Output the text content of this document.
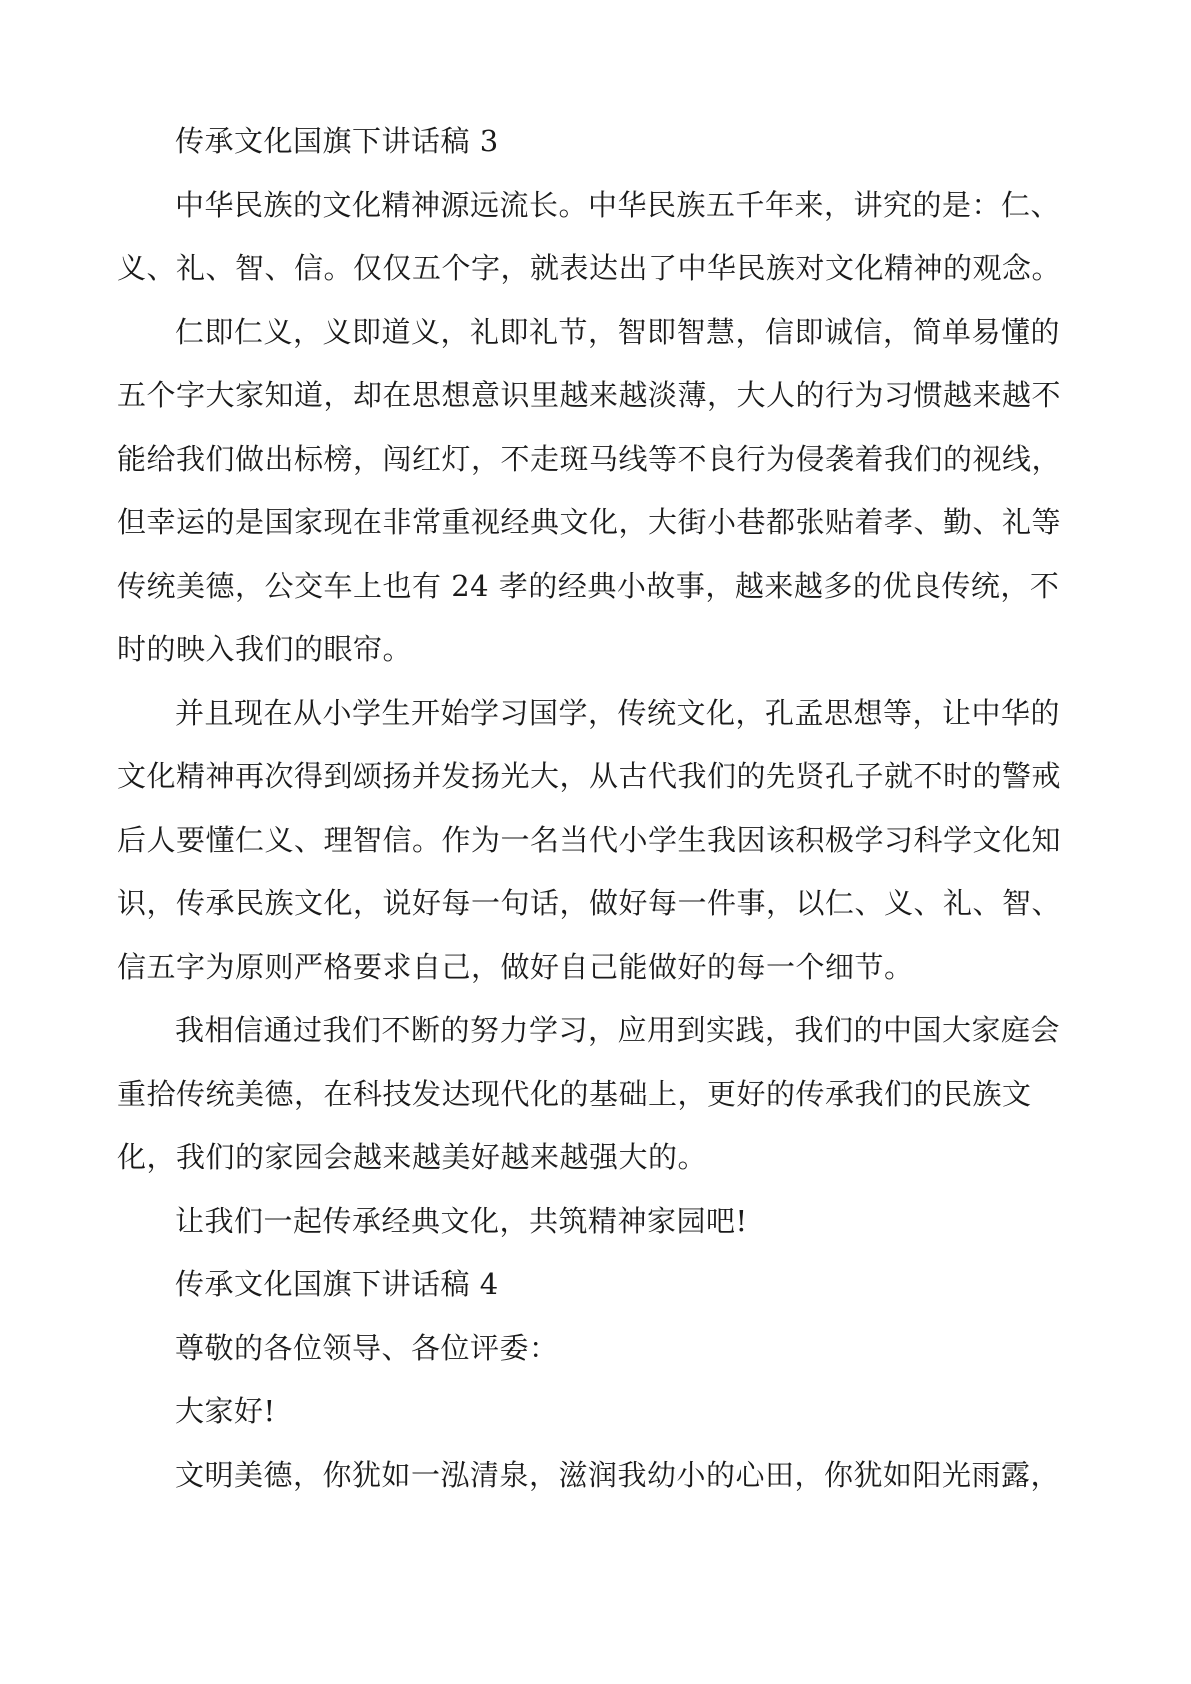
传承文化国旗下讲话稿 3

中华民族的文化精神源远流长。中华民族五千年来，讲究的是：仁、
义、礼、智、信。仅仅五个字，就表达出了中华民族对文化精神的观念。

仁即仁义，义即道义，礼即礼节，智即智慧，信即诚信，简单易懂的
五个字大家知道，却在思想意识里越来越淡薄，大人的行为习惯越来越不
能给我们做出标榜，闯红灯，不走斑马线等不良行为侵袭着我们的视线，
但幸运的是国家现在非常重视经典文化，大街小巷都张贴着孝、勤、礼等
传统美德，公交车上也有 24 孝的经典小故事，越来越多的优良传统，不
时的映入我们的眼帘。

并且现在从小学生开始学习国学，传统文化，孔孟思想等，让中华的
文化精神再次得到颂扬并发扬光大，从古代我们的先贤孔子就不时的警戒
后人要懂仁义、理智信。作为一名当代小学生我因该积极学习科学文化知
识，传承民族文化，说好每一句话，做好每一件事，以仁、义、礼、智、
信五字为原则严格要求自己，做好自己能做好的每一个细节。

我相信通过我们不断的努力学习，应用到实践，我们的中国大家庭会
重拾传统美德，在科技发达现代化的基础上，更好的传承我们的民族文
化，我们的家园会越来越美好越来越强大的。

让我们一起传承经典文化，共筑精神家园吧!

传承文化国旗下讲话稿 4

尊敬的各位领导、各位评委：

大家好!

文明美德，你犹如一泓清泉，滋润我幼小的心田，你犹如阳光雨露，
